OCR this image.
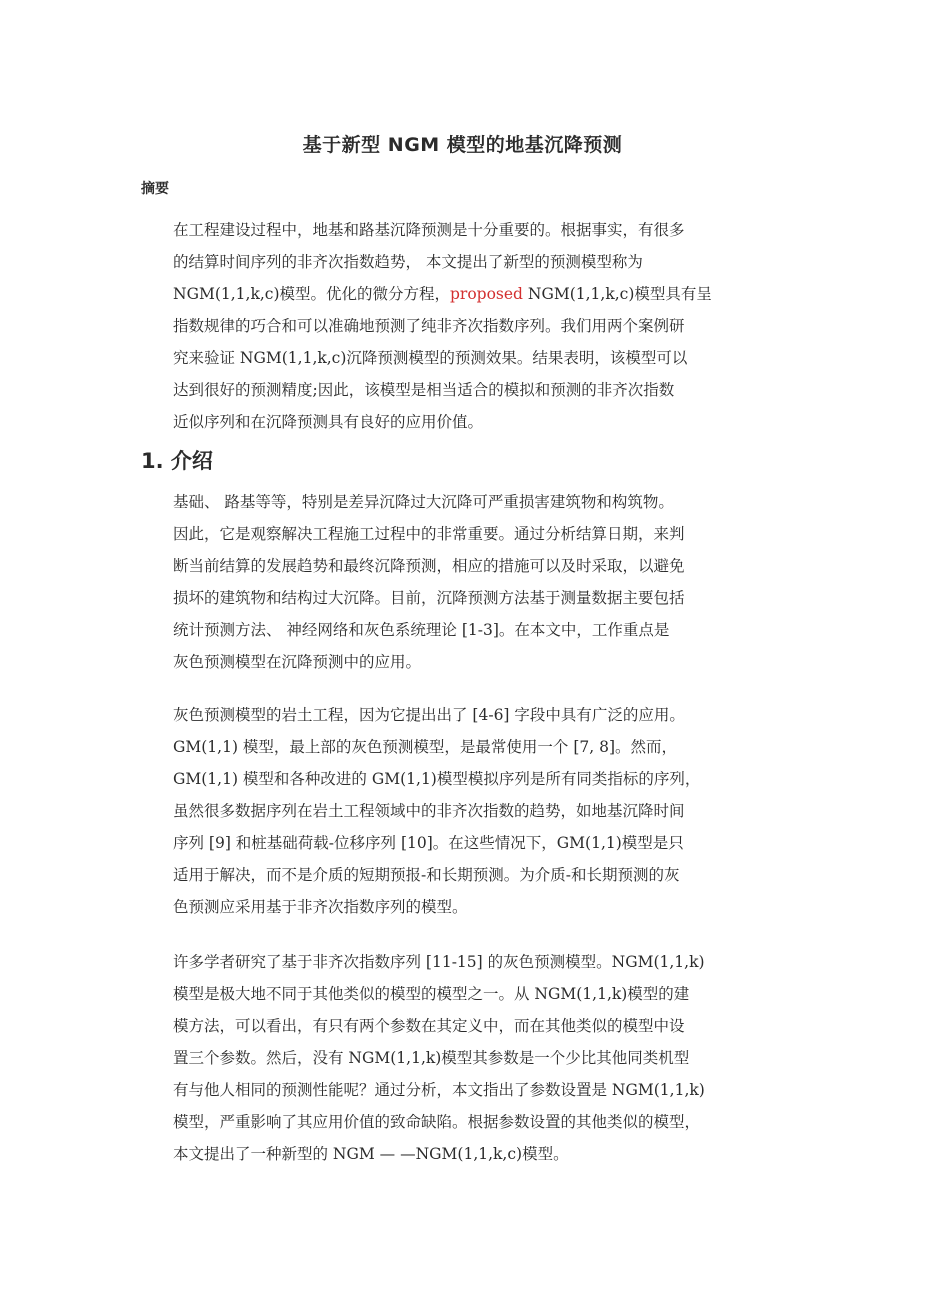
基于新型 NGM 模型的地基沉降预测
摘要
在工程建设过程中，地基和路基沉降预测是十分重要的。根据事实，有很多
的结算时间序列的非齐次指数趋势， 本文提出了新型的预测模型称为
NGM(1,1,k,c)模型。优化的微分方程，proposed NGM(1,1,k,c)模型具有呈
指数规律的巧合和可以准确地预测了纯非齐次指数序列。我们用两个案例研
究来验证 NGM(1,1,k,c)沉降预测模型的预测效果。结果表明，该模型可以
达到很好的预测精度;因此，该模型是相当适合的模拟和预测的非齐次指数
近似序列和在沉降预测具有良好的应用价值。
1. 介绍
基础、 路基等等，特别是差异沉降过大沉降可严重损害建筑物和构筑物。
因此，它是观察解决工程施工过程中的非常重要。通过分析结算日期，来判
断当前结算的发展趋势和最终沉降预测，相应的措施可以及时采取，以避免
损坏的建筑物和结构过大沉降。目前，沉降预测方法基于测量数据主要包括
统计预测方法、 神经网络和灰色系统理论 [1-3]。在本文中，工作重点是
灰色预测模型在沉降预测中的应用。
灰色预测模型的岩土工程，因为它提出出了 [4-6] 字段中具有广泛的应用。
GM(1,1) 模型，最上部的灰色预测模型，是最常使用一个 [7, 8]。然而，
GM(1,1) 模型和各种改进的 GM(1,1)模型模拟序列是所有同类指标的序列，
虽然很多数据序列在岩土工程领域中的非齐次指数的趋势，如地基沉降时间
序列 [9] 和桩基础荷载-位移序列 [10]。在这些情况下，GM(1,1)模型是只
适用于解决，而不是介质的短期预报-和长期预测。为介质-和长期预测的灰
色预测应采用基于非齐次指数序列的模型。
许多学者研究了基于非齐次指数序列 [11-15] 的灰色预测模型。NGM(1,1,k)
模型是极大地不同于其他类似的模型的模型之一。从 NGM(1,1,k)模型的建
模方法，可以看出，有只有两个参数在其定义中，而在其他类似的模型中设
置三个参数。然后，没有 NGM(1,1,k)模型其参数是一个少比其他同类机型
有与他人相同的预测性能呢？通过分析，本文指出了参数设置是 NGM(1,1,k)
模型，严重影响了其应用价值的致命缺陷。根据参数设置的其他类似的模型，
本文提出了一种新型的 NGM — —NGM(1,1,k,c)模型。
